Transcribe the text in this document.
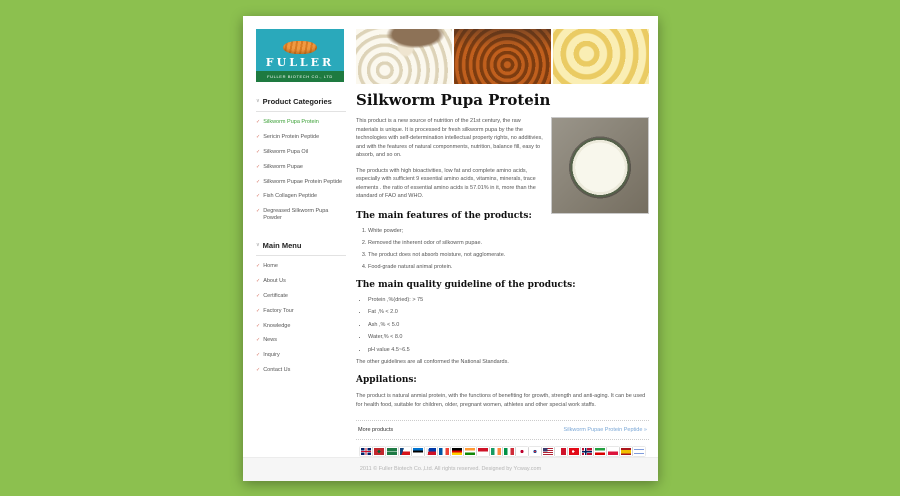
FULLER
FULLER BIOTECH CO., LTD
∨ Product Categories
✓ Silkworm Pupa Protein
✓ Sericin Protein Peptide
✓ Silkworm Pupa Oil
✓ Silkworm Pupae
✓ Silkworm Pupae Protein Peptide
✓ Fish Collagen Peptide
✓ Degreased Silkworm Pupa Powder
∨ Main Menu
✓ Home
✓ About Us
✓ Certificate
✓ Factory Tour
✓ Knowledge
✓ News
✓ Inquiry
✓ Contact Us
Silkworm Pupa Protein

This product is a new source of nutrition of the 21st century, the raw materials is unique. It is processed br fresh silkworm pupa by the the technologies with self-determination intellectual property rights, no additivies, and with the features of natural componments, nutrition, balance fill, easy to absorb, and so on.

The products with high bioactivities, low fat and complete amino acids, especially with sufficient 9 essential amino acids, vitamins, minerals, trace elements . the ratio of essential amino acids is 57.01% in it, more than the standard of FAO and WHO.

The main features of the products:
1. White powder;
2. Removed the inherent odor of silkowrm pupae.
3. The product does not absorb moisture, not agglomerate.
4. Food-grade natural animal protein.
The main quality guideline of the products:
• Protein ,%(dried): > 75
• Fat ,% < 2.0
• Ash ,% < 5.0
• Water,% < 8.0
• pH value 4.5~6.5

The other guidelines are all conformed the National Standards.

Appilations:

The product is natural anmial protein, with the functions of benefiting for growth, strength and anti-aging. It can be used for health food, suitable for children, older, pregnant women, athletes and other special work staffs.

More products	Silkworm Pupae Protein Peptide »
2011 © Fuller Biotech Co.,Ltd. All rights reserved. Designed by Ycway.com
